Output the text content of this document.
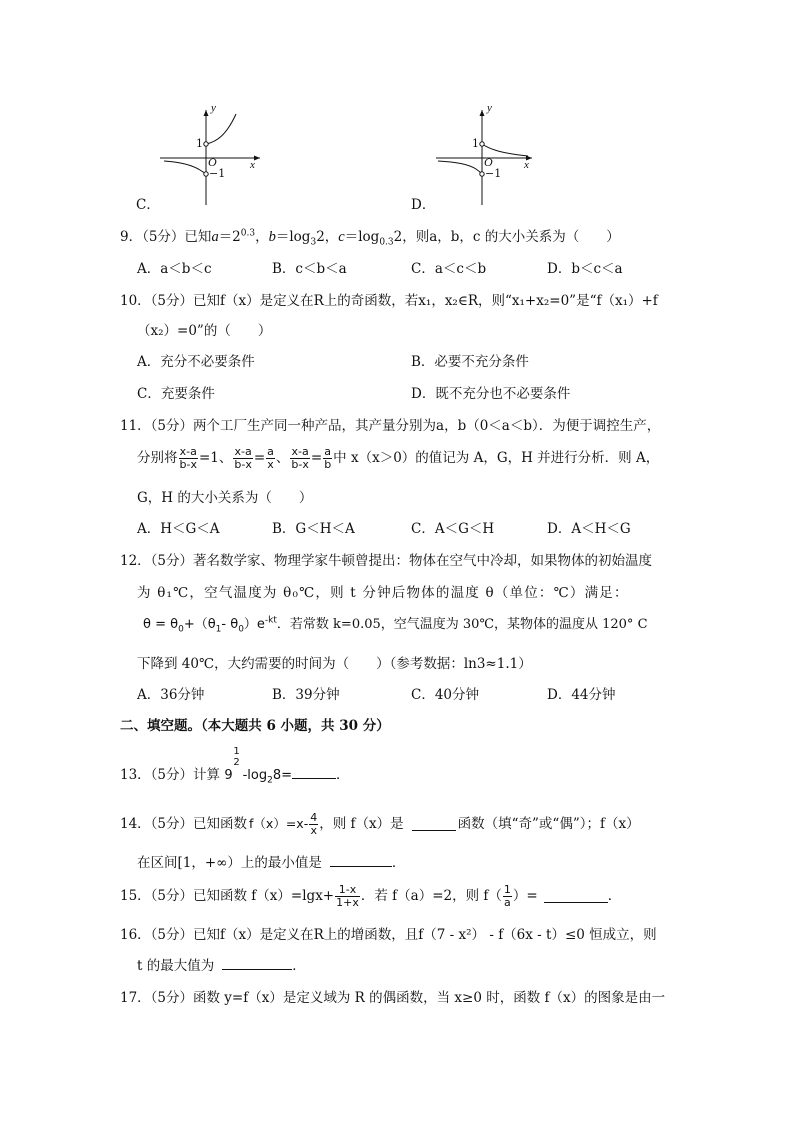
y
x
O
1
−1
C．
y
x
O
1
−1
D．
9．（5分）已知$a=2^{0.3}$，$b=\log_32$，$c=\log_{0.3}2$，则a，b，c 的大小关系为（　　）
A．a＜b＜c	B．c＜b＜a	C．a＜c＜b	D．b＜c＜a
10．（5分）已知f（x）是定义在R上的奇函数，若x₁，x₂∈R，则“x₁+x₂=0”是“f（x₁）+f
（x₂）=0”的（　　）
A．充分不必要条件	B．必要不充分条件
C．充要条件	D．既不充分也不必要条件
11．（5分）两个工厂生产同一种产品，其产量分别为a，b（0＜a＜b）．为便于调控生产，
分别将 $\frac{x-a}{b-x} =1$、 $\frac{x-a}{b-x} = \frac{a}{x}$ 、 $\frac{x-a}{b-x} = \frac{a}{b}$ 中 x（x＞0）的值记为 A，G，H 并进行分析．则 A，
G，H 的大小关系为（　　）
A．H＜G＜A	B．G＜H＜A	C．A＜G＜H	D．A＜H＜G
12．（5分）著名数学家、物理学家牛顿曾提出：物体在空气中冷却，如果物体的初始温度
为 θ₁℃，空气温度为 θ₀℃，则 t 分钟后物体的温度 θ（单位：℃）满足：
$\theta = \theta_0+(\theta_1-$ $\theta_0)e^{-kt}$．若常数 k=0.05，空气温度为 30℃，某物体的温度从 120° C
下降到 40℃，大约需要的时间为（　　）（参考数据：ln3≈1.1）
A．36分钟	B．39分钟	C．40分钟	D．44分钟
二、填空题。（本大题共 6 小题，共 30 分）
13．（5分）计算 9
1
2
$-\log_28=$	．
14．（5分）已知函数 $f(x)=x- \frac{4}{x}$ ，则 f（x）是	函数（填“奇”或“偶”）；f（x）
在区间[1，+∞）上的最小值是	．
15．（5分）已知函数 $f(x)=\lg x+ \frac{1-x}{1+x}$ ．若 f（a）=2，则 $f( \frac{1}{a}$ ）=	．
16．（5分）已知f（x）是定义在R上的增函数，且f（7 - x²） - f（6x - t）≤0 恒成立，则
t 的最大值为	．
17．（5分）函数 y=f（x）是定义域为 R 的偶函数，当 x≥0 时，函数 f（x）的图象是由一
